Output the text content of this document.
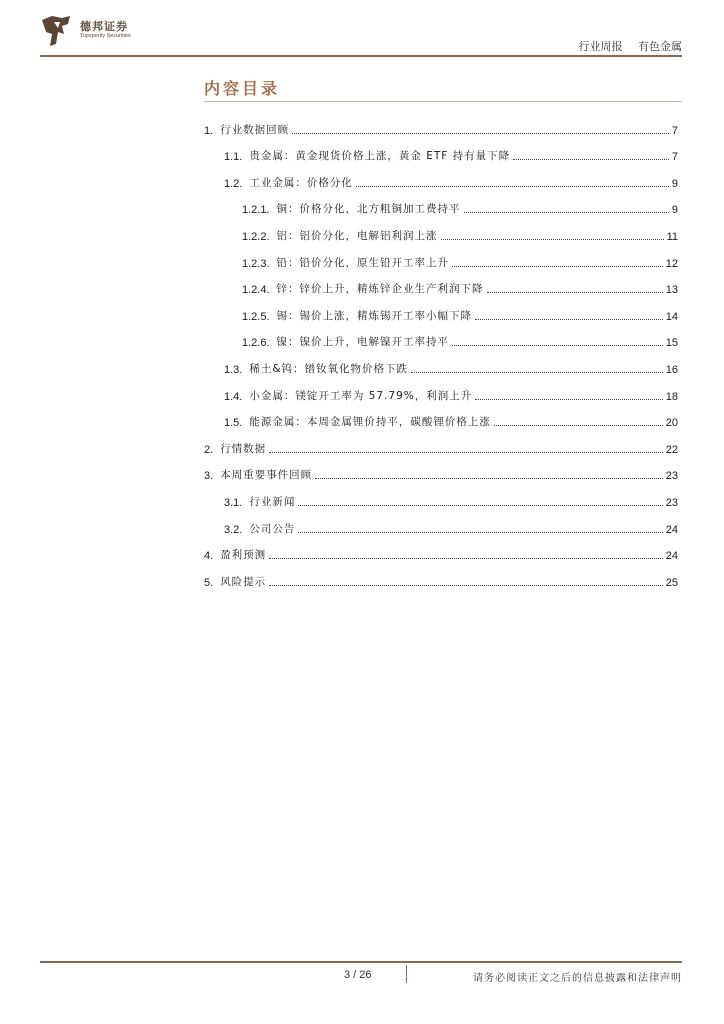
德邦证券
Topsperity Securities
行业周报 有色金属
内容目录
1. 行业数据回顾	7
1.1. 贵金属：黄金现货价格上涨，黄金 ETF 持有量下降	7
1.2. 工业金属：价格分化	9
1.2.1. 铜：价格分化，北方粗铜加工费持平	9
1.2.2. 铝：铝价分化，电解铝利润上涨	11
1.2.3. 铅：铅价分化，原生铅开工率上升	12
1.2.4. 锌：锌价上升，精炼锌企业生产利润下降	13
1.2.5. 锡：锡价上涨，精炼锡开工率小幅下降	14
1.2.6. 镍：镍价上升，电解镍开工率持平	15
1.3. 稀土&钨：镨钕氧化物价格下跌	16
1.4. 小金属：镁锭开工率为 57.79%，利润上升	18
1.5. 能源金属：本周金属锂价持平，碳酸锂价格上涨	20
2. 行情数据	22
3. 本周重要事件回顾	23
3.1. 行业新闻	23
3.2. 公司公告	24
4. 盈利预测	24
5. 风险提示	25
3 / 26	请务必阅读正文之后的信息披露和法律声明
